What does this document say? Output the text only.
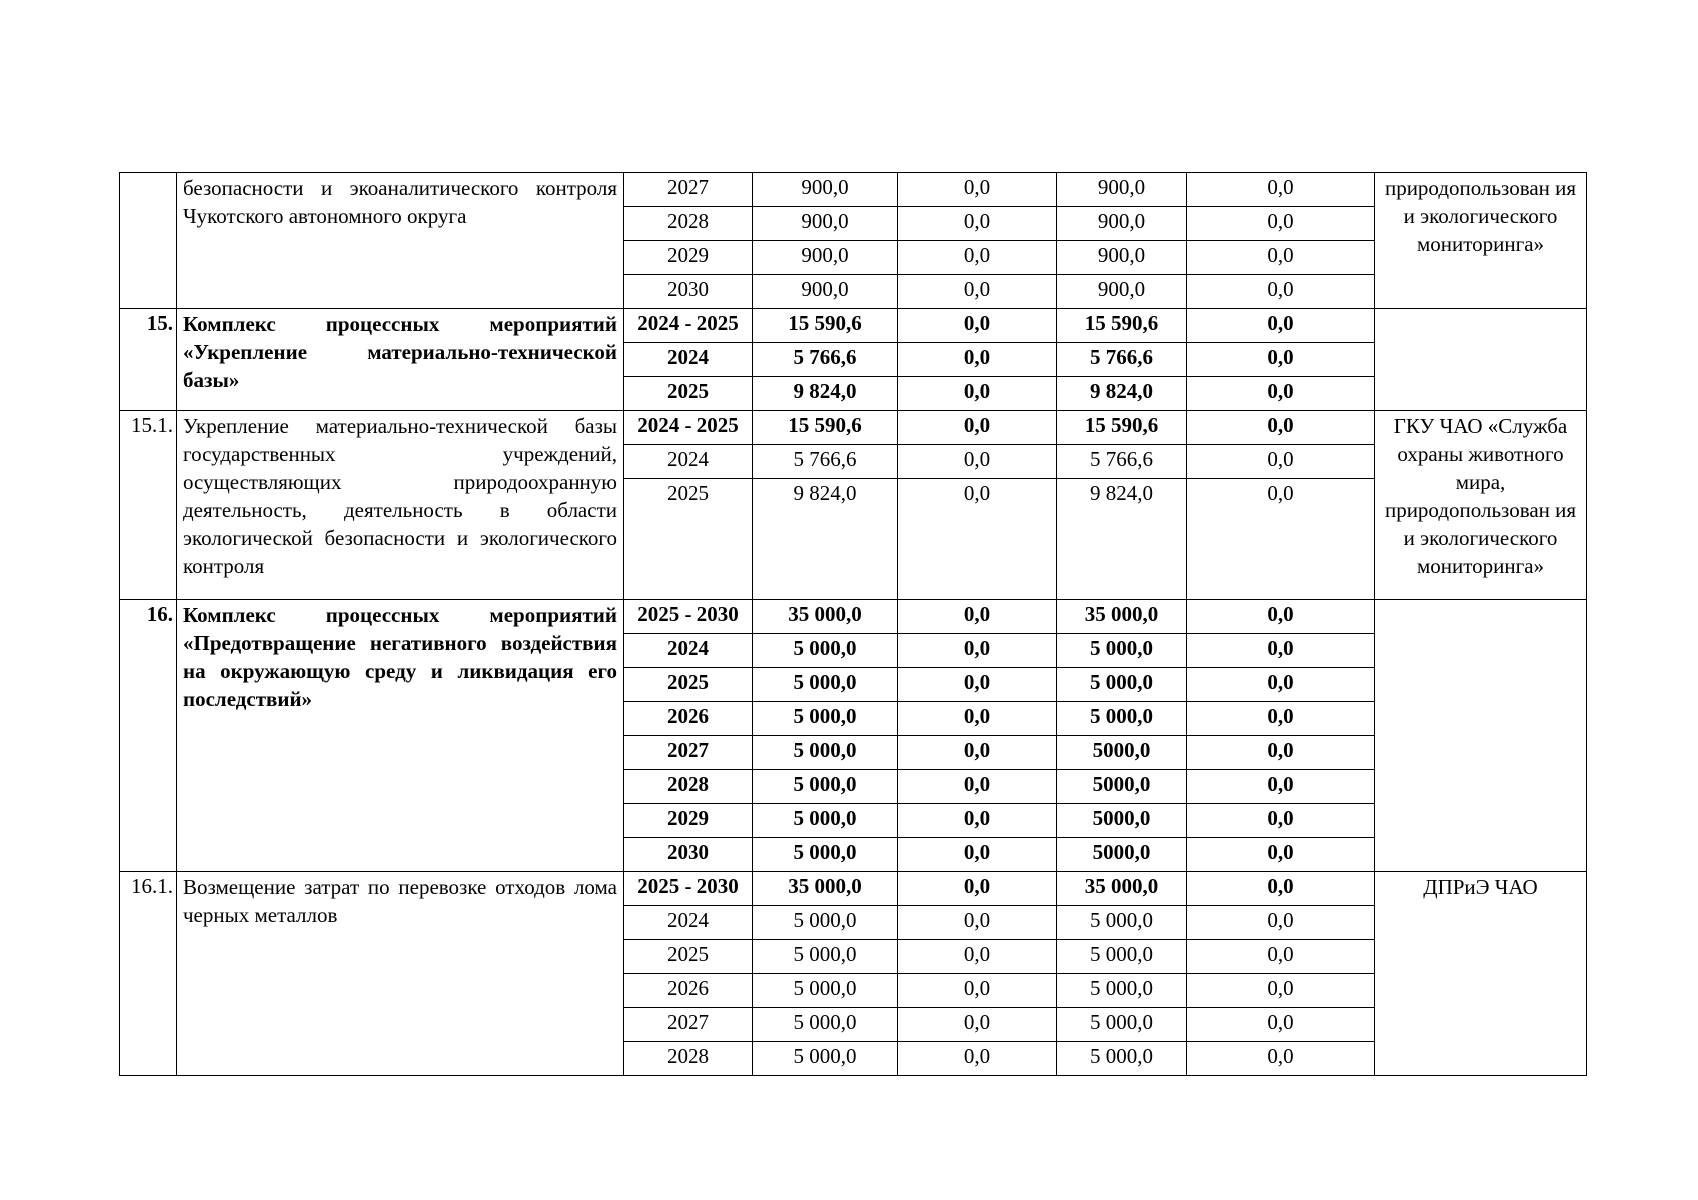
	безопасности и экоаналитического контроля Чукотского автономного округа	2027	900,0	0,0	900,0	0,0	природопользован ия и экологического мониторинга»
		2028	900,0	0,0	900,0	0,0	
		2029	900,0	0,0	900,0	0,0	
		2030	900,0	0,0	900,0	0,0	
15.	Комплекс процессных мероприятий «Укрепление материально-технической базы»	2024 - 2025	15 590,6	0,0	15 590,6	0,0	
		2024	5 766,6	0,0	5 766,6	0,0	
		2025	9 824,0	0,0	9 824,0	0,0	
15.1.	Укрепление материально-технической базы государственных учреждений, осуществляющих природоохранную деятельность, деятельность в области экологической безопасности и экологического контроля	2024 - 2025	15 590,6	0,0	15 590,6	0,0	ГКУ ЧАО «Служба охраны животного мира, природопользован ия и экологического мониторинга»
		2024	5 766,6	0,0	5 766,6	0,0	
		2025	9 824,0	0,0	9 824,0	0,0	
16.	Комплекс процессных мероприятий «Предотвращение негативного воздействия на окружающую среду и ликвидация его последствий»	2025 - 2030	35 000,0	0,0	35 000,0	0,0	
		2024	5 000,0	0,0	5 000,0	0,0	
		2025	5 000,0	0,0	5 000,0	0,0	
		2026	5 000,0	0,0	5 000,0	0,0	
		2027	5 000,0	0,0	5000,0	0,0	
		2028	5 000,0	0,0	5000,0	0,0	
		2029	5 000,0	0,0	5000,0	0,0	
		2030	5 000,0	0,0	5000,0	0,0	
16.1.	Возмещение затрат по перевозке отходов лома черных металлов	2025 - 2030	35 000,0	0,0	35 000,0	0,0	ДПРиЭ ЧАО
		2024	5 000,0	0,0	5 000,0	0,0	
		2025	5 000,0	0,0	5 000,0	0,0	
		2026	5 000,0	0,0	5 000,0	0,0	
		2027	5 000,0	0,0	5 000,0	0,0	
		2028	5 000,0	0,0	5 000,0	0,0	
